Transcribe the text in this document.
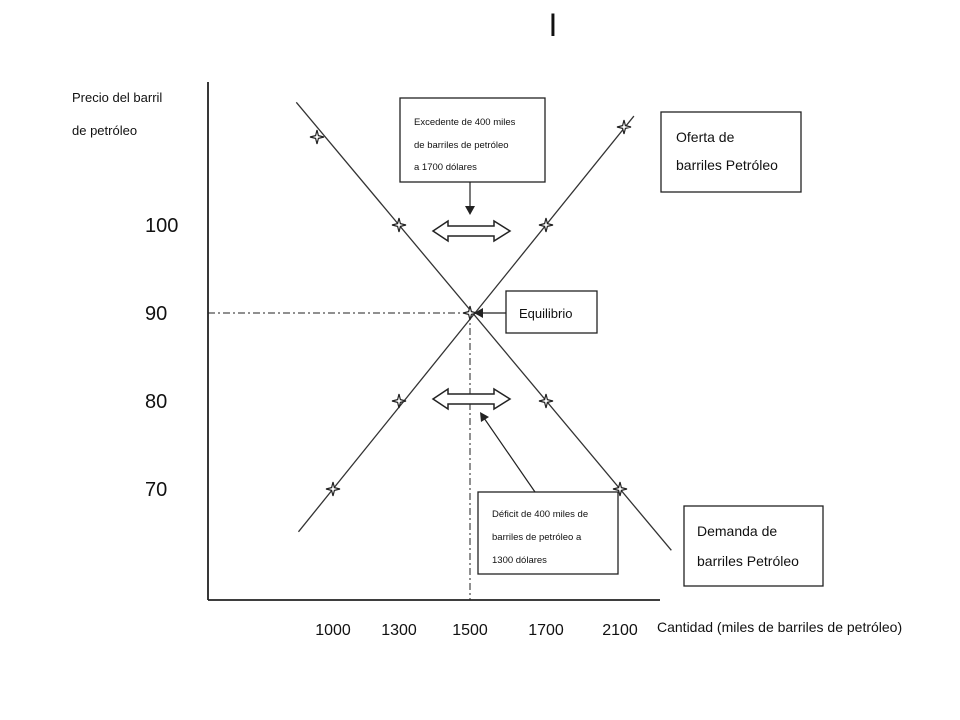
I
Precio del barril de petróleo
100
90
80
70
1000 1300 1500	1700 2100 Cantidad (miles de barriles de petróleo)
Excedente de 400 miles de barriles de petróleo a 1700 dólares
Déficit de 400 miles de barriles de petróleo a 1300 dólares
Equilibrio
Oferta de barriles Petróleo
Demanda de barriles Petróleo
